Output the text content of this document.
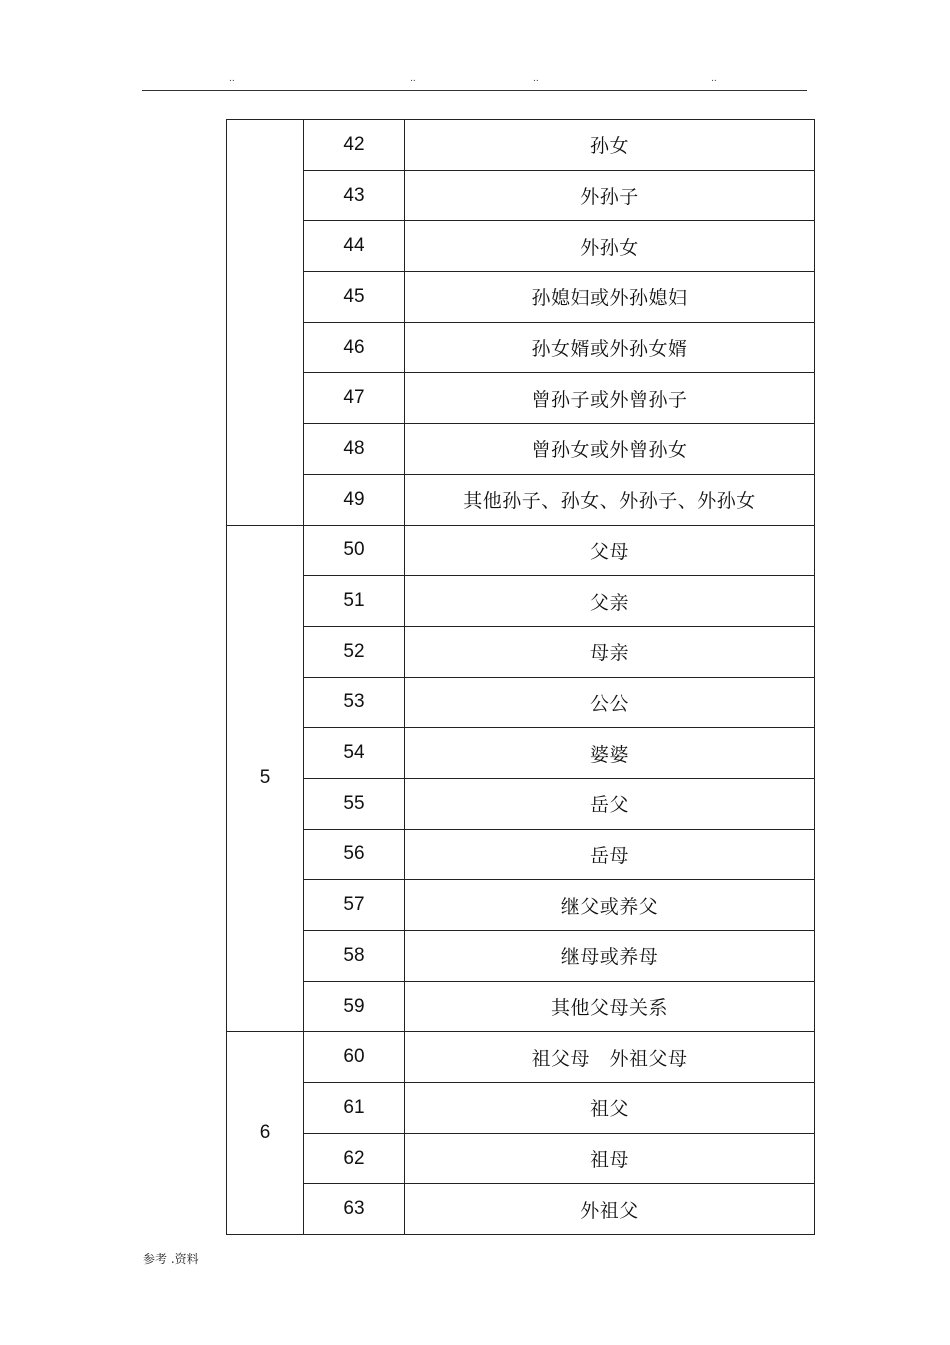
..	..	..	..
	42	孙女
	43	外孙子
	44	外孙女
	45	孙媳妇或外孙媳妇
	46	孙女婿或外孙女婿
	47	曾孙子或外曾孙子
	48	曾孙女或外曾孙女
	49	其他孙子、孙女、外孙子、外孙女
5	50	父母
	51	父亲
	52	母亲
	53	公公
	54	婆婆
	55	岳父
	56	岳母
	57	继父或养父
	58	继母或养母
	59	其他父母关系
6	60	祖父母　外祖父母
	61	祖父
	62	祖母
	63	外祖父
参考 .资料
